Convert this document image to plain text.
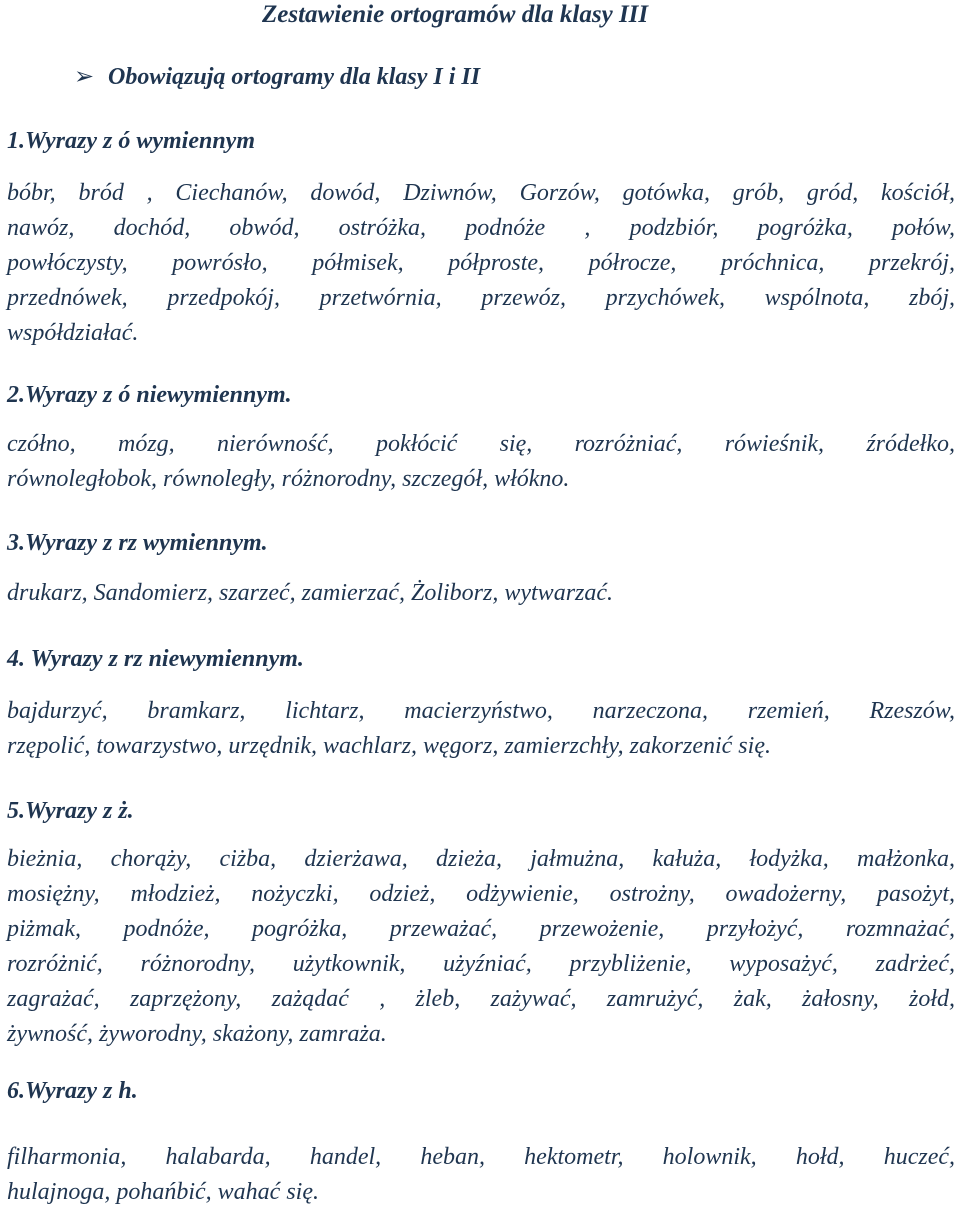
Zestawienie ortogramów dla klasy III
➢ Obowiązują ortogramy dla klasy I i II
1.Wyrazy z ó wymiennym
bóbr, bród , Ciechanów, dowód, Dziwnów, Gorzów, gotówka, grób, gród, kościół,
nawóz, dochód, obwód, ostróżka, podnóże , podzbiór, pogróżka, połów,
powłóczysty, powrósło, półmisek, półproste, półrocze, próchnica, przekrój,
przednówek, przedpokój, przetwórnia, przewóz, przychówek, wspólnota, zbój,
współdziałać.
2.Wyrazy z ó niewymiennym.
czółno, mózg, nierówność, pokłócić się, rozróżniać, rówieśnik, źródełko,
równoległobok, równoległy, różnorodny, szczegół, włókno.
3.Wyrazy z rz wymiennym.
drukarz, Sandomierz, szarzeć, zamierzać, Żoliborz, wytwarzać.
4. Wyrazy z rz niewymiennym.
bajdurzyć, bramkarz, lichtarz, macierzyństwo, narzeczona, rzemień, Rzeszów,
rzępolić, towarzystwo, urzędnik, wachlarz, węgorz, zamierzchły, zakorzenić się.
5.Wyrazy z ż.
bieżnia, chorąży, ciżba, dzierżawa, dzieża, jałmużna, kałuża, łodyżka, małżonka,
mosiężny, młodzież, nożyczki, odzież, odżywienie, ostrożny, owadożerny, pasożyt,
piżmak, podnóże, pogróżka, przeważać, przewożenie, przyłożyć, rozmnażać,
rozróżnić, różnorodny, użytkownik, użyźniać, przybliżenie, wyposażyć, zadrżeć,
zagrażać, zaprzężony, zażądać , żleb, zażywać, zamrużyć, żak, żałosny, żołd,
żywność, żyworodny, skażony, zamraża.
6.Wyrazy z h.
filharmonia, halabarda, handel, heban, hektometr, holownik, hołd, huczeć,
hulajnoga, pohańbić, wahać się.
